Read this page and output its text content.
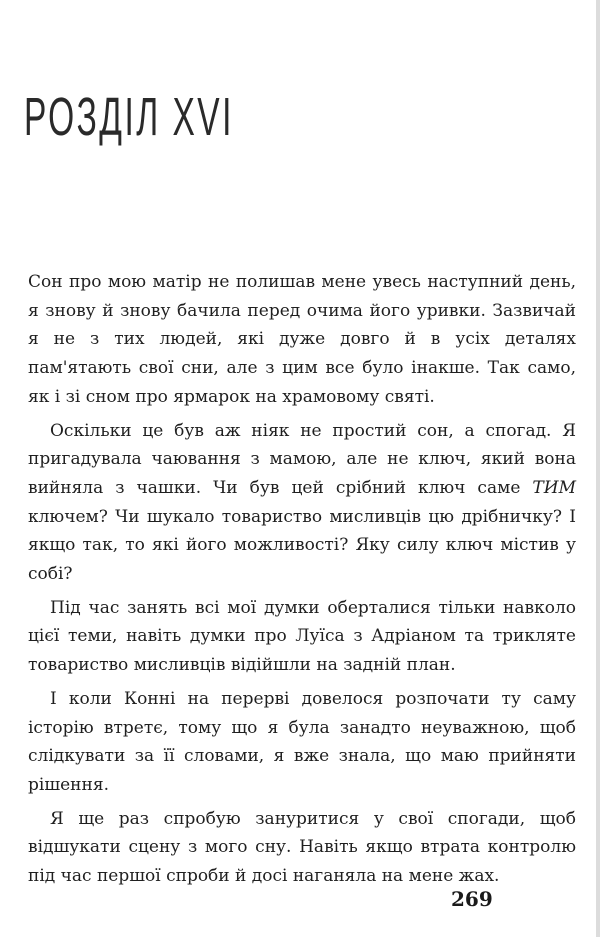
РОЗДІЛ XVI

Сон про мою матір не полишав мене увесь наступний день, я знову й знову бачила перед очима його уривки. Зазвичай я не з тих людей, які дуже довго й в усіх деталях пам'ятають свої сни, але з цим все було інакше. Так само, як і зі сном про ярмарок на храмовому святі.

Оскільки це був аж ніяк не простий сон, а спогад. Я пригадувала чаювання з мамою, але не ключ, який вона вийняла з чашки. Чи був цей срібний ключ саме ТИМ ключем? Чи шукало товариство мисливців цю дрібничку? І якщо так, то які його можливості? Яку силу ключ містив у собі?

Під час занять всі мої думки оберталися тільки навколо цієї теми, навіть думки про Луїса з Адріаном та трикляте товариство мисливців відійшли на задній план.

І коли Конні на перерві довелося розпочати ту саму історію втретє, тому що я була занадто неуважною, щоб слідкувати за її словами, я вже знала, що маю прийняти рішення.

Я ще раз спробую зануритися у свої спогади, щоб відшукати сцену з мого сну. Навіть якщо втрата контролю під час першої спроби й досі наганяла на мене жах.

269
